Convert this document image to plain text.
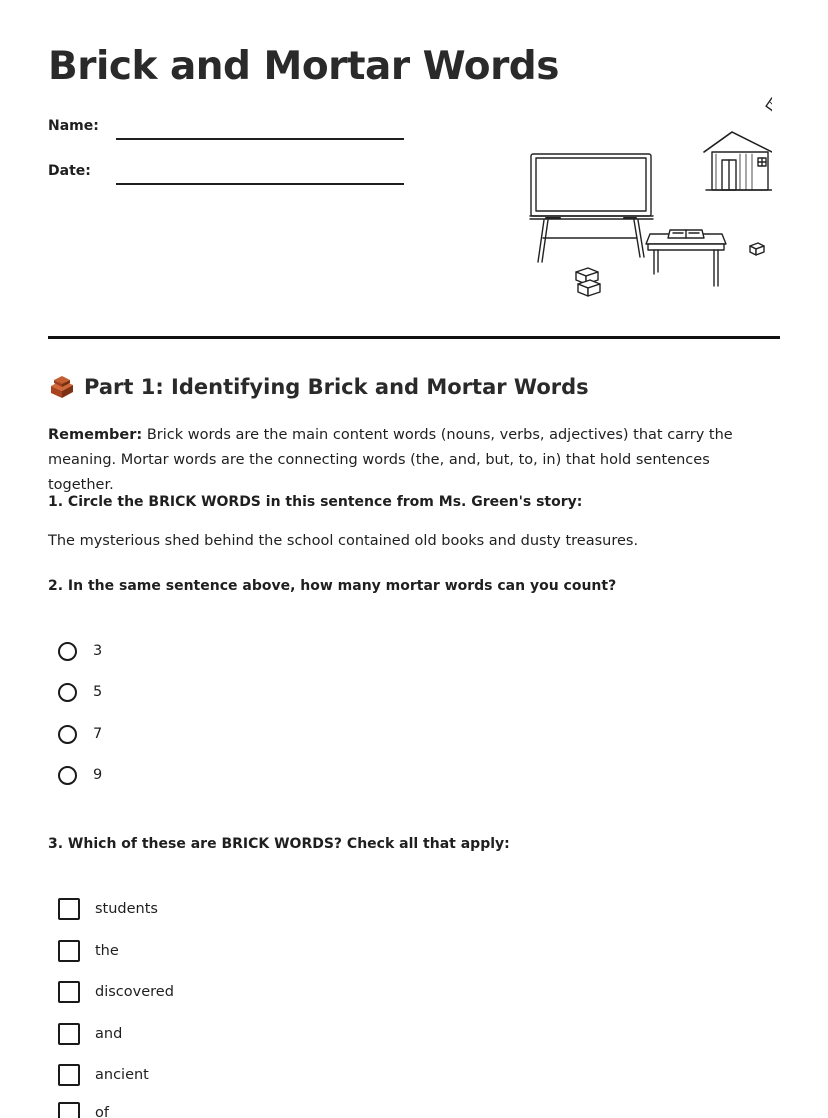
Brick and Mortar Words
Name:
Date:
Part 1: Identifying Brick and Mortar Words

Remember: Brick words are the main content words (nouns, verbs, adjectives) that carry the meaning. Mortar words are the connecting words (the, and, but, to, in) that hold sentences together.

1. Circle the BRICK WORDS in this sentence from Ms. Green's story:

The mysterious shed behind the school contained old books and dusty treasures.

2. In the same sentence above, how many mortar words can you count?

3
5
7
9

3. Which of these are BRICK WORDS? Check all that apply:

students
the
discovered
and
ancient
of
